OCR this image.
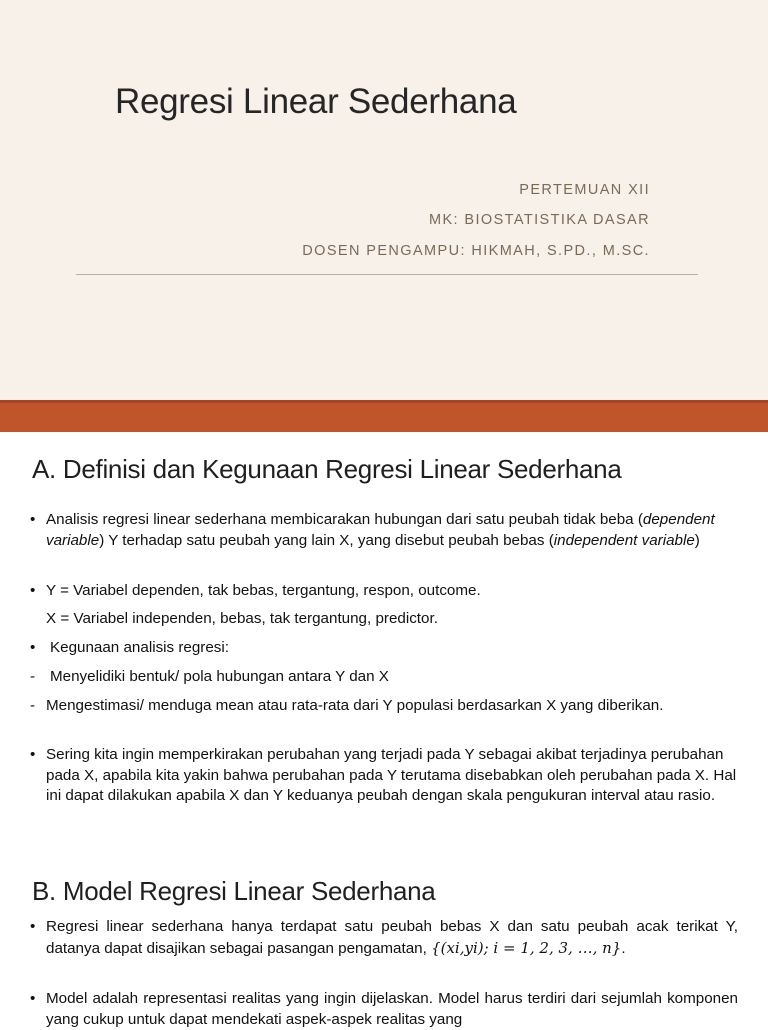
Regresi Linear Sederhana
PERTEMUAN XII
MK: BIOSTATISTIKA DASAR
DOSEN PENGAMPU: HIKMAH, S.PD., M.SC.
A. Definisi dan Kegunaan Regresi Linear Sederhana
• Analisis regresi linear sederhana membicarakan hubungan dari satu peubah tidak beba (dependent variable) Y terhadap satu peubah yang lain X, yang disebut peubah bebas (independent variable)
• Y = Variabel dependen, tak bebas, tergantung, respon, outcome.
X = Variabel independen, bebas, tak tergantung, predictor.
• Kegunaan analisis regresi:
- Menyelidiki bentuk/ pola hubungan antara Y dan X
- Mengestimasi/ menduga mean atau rata-rata dari Y populasi berdasarkan X yang diberikan.
• Sering kita ingin memperkirakan perubahan yang terjadi pada Y sebagai akibat terjadinya perubahan pada X, apabila kita yakin bahwa perubahan pada Y terutama disebabkan oleh perubahan pada X. Hal ini dapat dilakukan apabila X dan Y keduanya peubah dengan skala pengukuran interval atau rasio.
B. Model Regresi Linear Sederhana
• Regresi linear sederhana hanya terdapat satu peubah bebas X dan satu peubah acak terikat Y, datanya dapat disajikan sebagai pasangan pengamatan, {(xi,yi); i = 1, 2, 3, …, n}.
• Model adalah representasi realitas yang ingin dijelaskan. Model harus terdiri dari sejumlah komponen yang cukup untuk dapat mendekati aspek-aspek realitas yang
